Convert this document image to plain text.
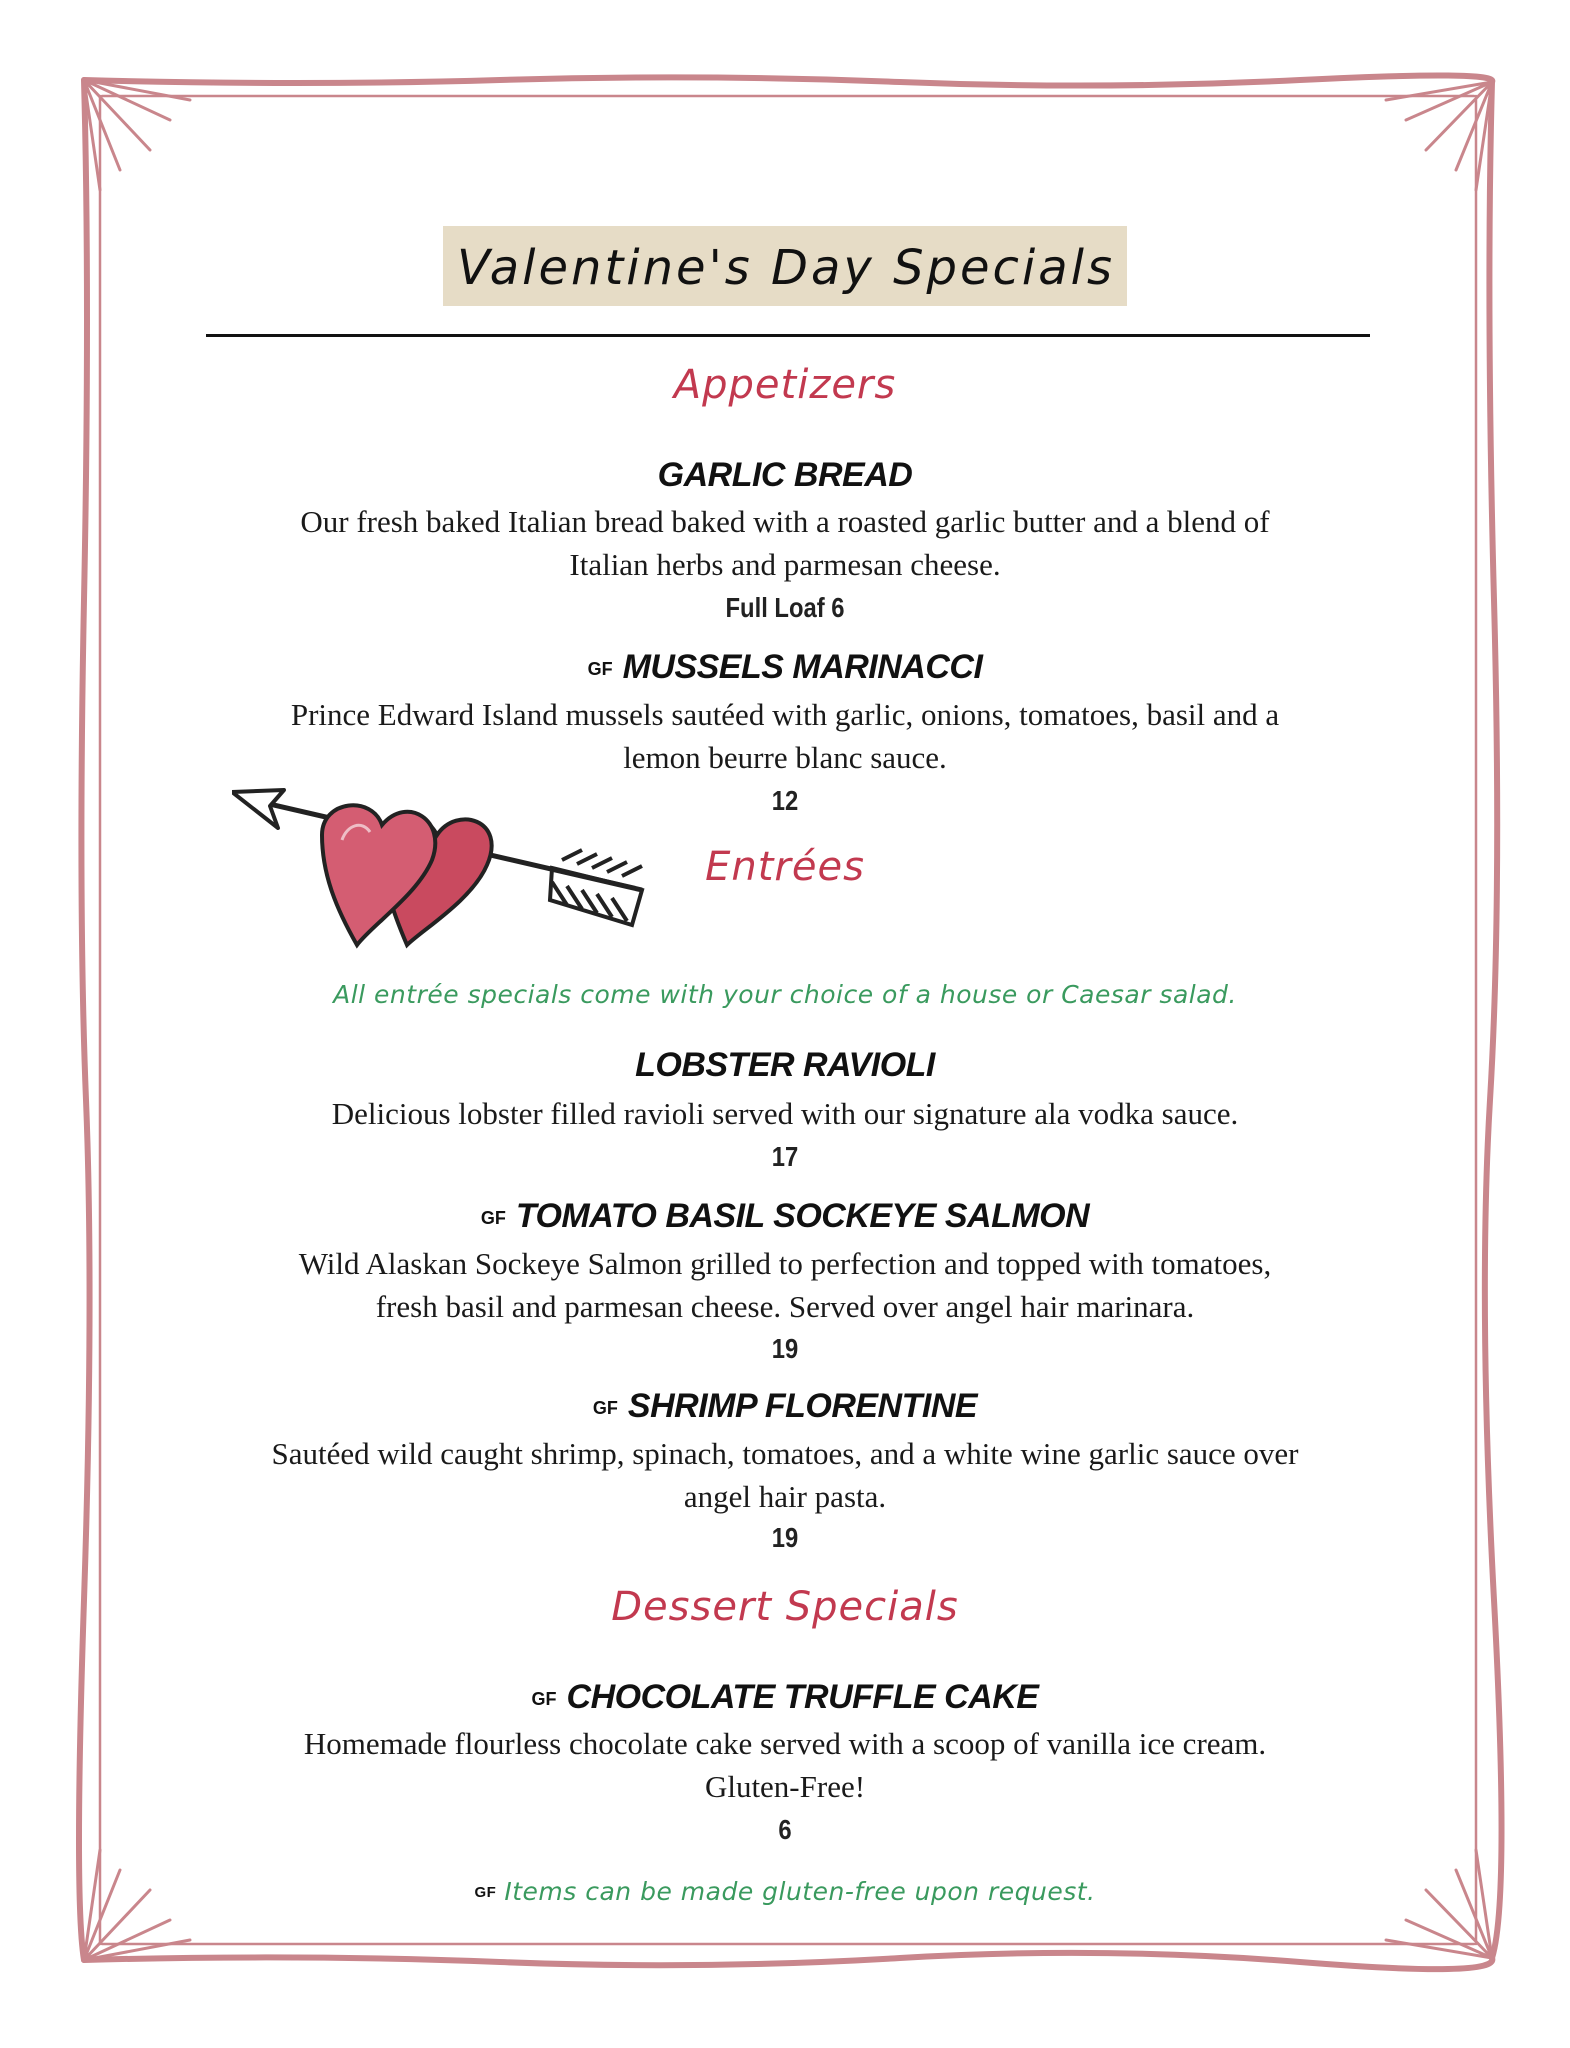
Valentine's Day Specials
Appetizers
GARLIC BREAD
Our fresh baked Italian bread baked with a roasted garlic butter and a blend of
Italian herbs and parmesan cheese.
Full Loaf 6
GF MUSSELS MARINACCI
Prince Edward Island mussels sautéed with garlic, onions, tomatoes, basil and a
lemon beurre blanc sauce.
12
Entrées
All entrée specials come with your choice of a house or Caesar salad.
LOBSTER RAVIOLI
Delicious lobster filled ravioli served with our signature ala vodka sauce.
17
GF TOMATO BASIL SOCKEYE SALMON
Wild Alaskan Sockeye Salmon grilled to perfection and topped with tomatoes,
fresh basil and parmesan cheese. Served over angel hair marinara.
19
GF SHRIMP FLORENTINE
Sautéed wild caught shrimp, spinach, tomatoes, and a white wine garlic sauce over
angel hair pasta.
19
Dessert Specials
GF CHOCOLATE TRUFFLE CAKE
Homemade flourless chocolate cake served with a scoop of vanilla ice cream.
Gluten-Free!
6
GF Items can be made gluten-free upon request.
